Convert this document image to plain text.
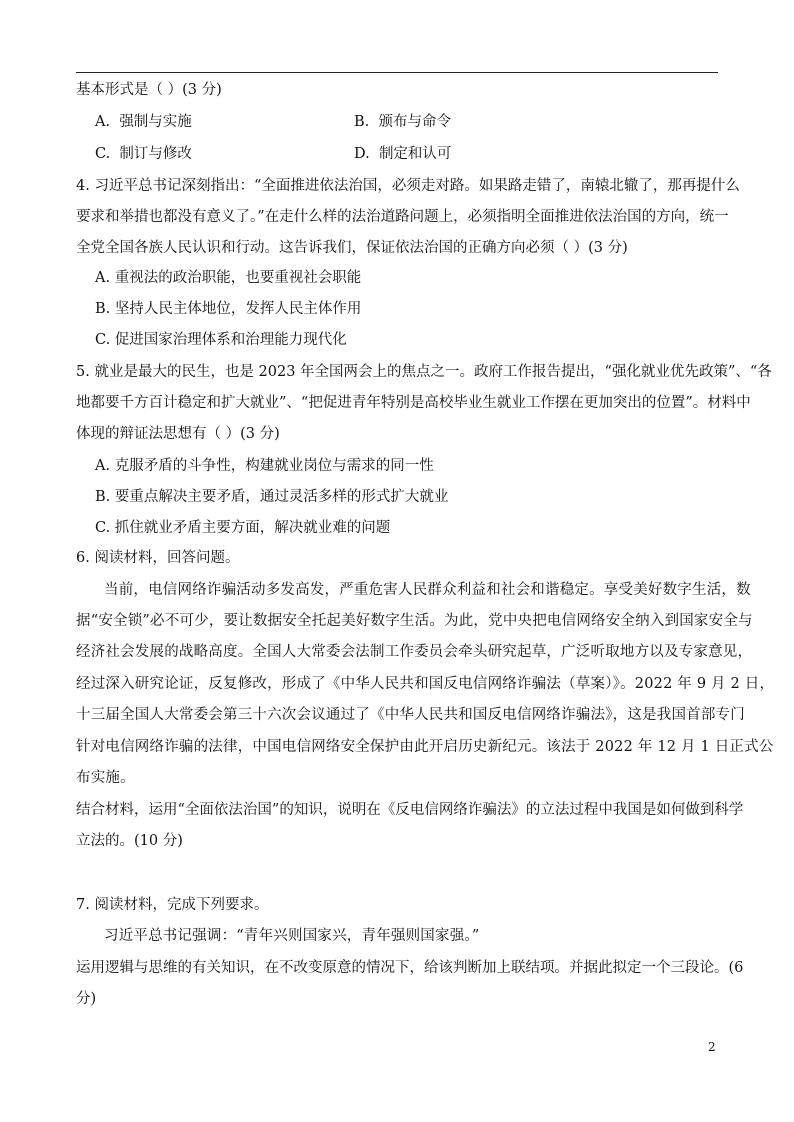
基本形式是（ ）(3 分)
A. 强制与实施	B. 颁布与命令
C. 制订与修改	D. 制定和认可
4. 习近平总书记深刻指出：“全面推进依法治国，必须走对路。如果路走错了，南辕北辙了，那再提什么
要求和举措也都没有意义了。”在走什么样的法治道路问题上，必须指明全面推进依法治国的方向，统一
全党全国各族人民认识和行动。这告诉我们，保证依法治国的正确方向必须（ ）(3 分)
A. 重视法的政治职能，也要重视社会职能
B. 坚持人民主体地位，发挥人民主体作用
C. 促进国家治理体系和治理能力现代化
5. 就业是最大的民生，也是 2023 年全国两会上的焦点之一。政府工作报告提出，“强化就业优先政策”、“各
地都要千方百计稳定和扩大就业”、“把促进青年特别是高校毕业生就业工作摆在更加突出的位置”。材料中
体现的辩证法思想有（ ）(3 分)
A. 克服矛盾的斗争性，构建就业岗位与需求的同一性
B. 要重点解决主要矛盾，通过灵活多样的形式扩大就业
C. 抓住就业矛盾主要方面，解决就业难的问题
6. 阅读材料，回答问题。
当前，电信网络诈骗活动多发高发，严重危害人民群众利益和社会和谐稳定。享受美好数字生活，数
据“安全锁”必不可少，要让数据安全托起美好数字生活。为此，党中央把电信网络安全纳入到国家安全与
经济社会发展的战略高度。全国人大常委会法制工作委员会牵头研究起草，广泛听取地方以及专家意见，
经过深入研究论证，反复修改，形成了《中华人民共和国反电信网络诈骗法（草案）》。2022 年 9 月 2 日，
十三届全国人大常委会第三十六次会议通过了《中华人民共和国反电信网络诈骗法》，这是我国首部专门
针对电信网络诈骗的法律，中国电信网络安全保护由此开启历史新纪元。该法于 2022 年 12 月 1 日正式公
布实施。
结合材料，运用“全面依法治国”的知识，说明在《反电信网络诈骗法》的立法过程中我国是如何做到科学
立法的。(10 分)
7. 阅读材料，完成下列要求。
习近平总书记强调：“青年兴则国家兴，青年强则国家强。”
运用逻辑与思维的有关知识，在不改变原意的情况下，给该判断加上联结项。并据此拟定一个三段论。(6
分)
2
